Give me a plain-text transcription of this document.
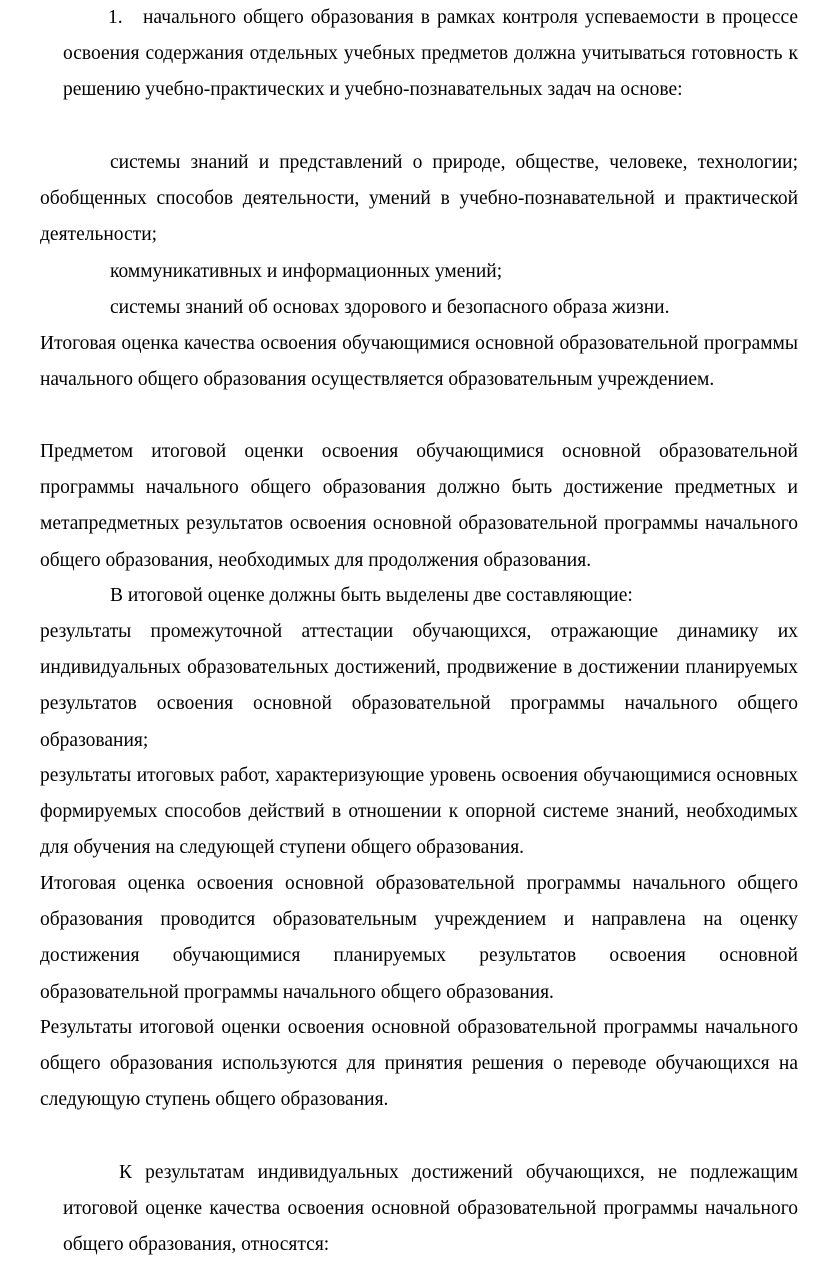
1.	начального общего образования в рамках контроля успеваемости в процессе освоения содержания отдельных учебных предметов должна учитываться готовность к решению учебно-практических и учебно-познавательных задач на основе:

системы знаний и представлений о природе, обществе, человеке, технологии; обобщенных способов деятельности, умений в учебно-познавательной и практической деятельности;

коммуникативных и информационных умений;

системы знаний об основах здорового и безопасного образа жизни.

Итоговая оценка качества освоения обучающимися основной образовательной программы начального общего образования осуществляется образовательным учреждением.

Предметом итоговой оценки освоения обучающимися основной образовательной программы начального общего образования должно быть достижение предметных и метапредметных результатов освоения основной образовательной программы начального общего образования, необходимых для продолжения образования.

В итоговой оценке должны быть выделены две составляющие:

результаты промежуточной аттестации обучающихся, отражающие динамику их индивидуальных образовательных достижений, продвижение в достижении планируемых результатов освоения основной образовательной программы начального общего образования;

результаты итоговых работ, характеризующие уровень освоения обучающимися основных формируемых способов действий в отношении к опорной системе знаний, необходимых для обучения на следующей ступени общего образования.

Итоговая оценка освоения основной образовательной программы начального общего образования проводится образовательным учреждением и направлена на оценку достижения обучающимися планируемых результатов освоения основной образовательной программы начального общего образования.

Результаты итоговой оценки освоения основной образовательной программы начального общего образования используются для принятия решения о переводе обучающихся на следующую ступень общего образования.

К результатам индивидуальных достижений обучающихся, не подлежащим итоговой оценке качества освоения основной образовательной программы начального общего образования, относятся:
